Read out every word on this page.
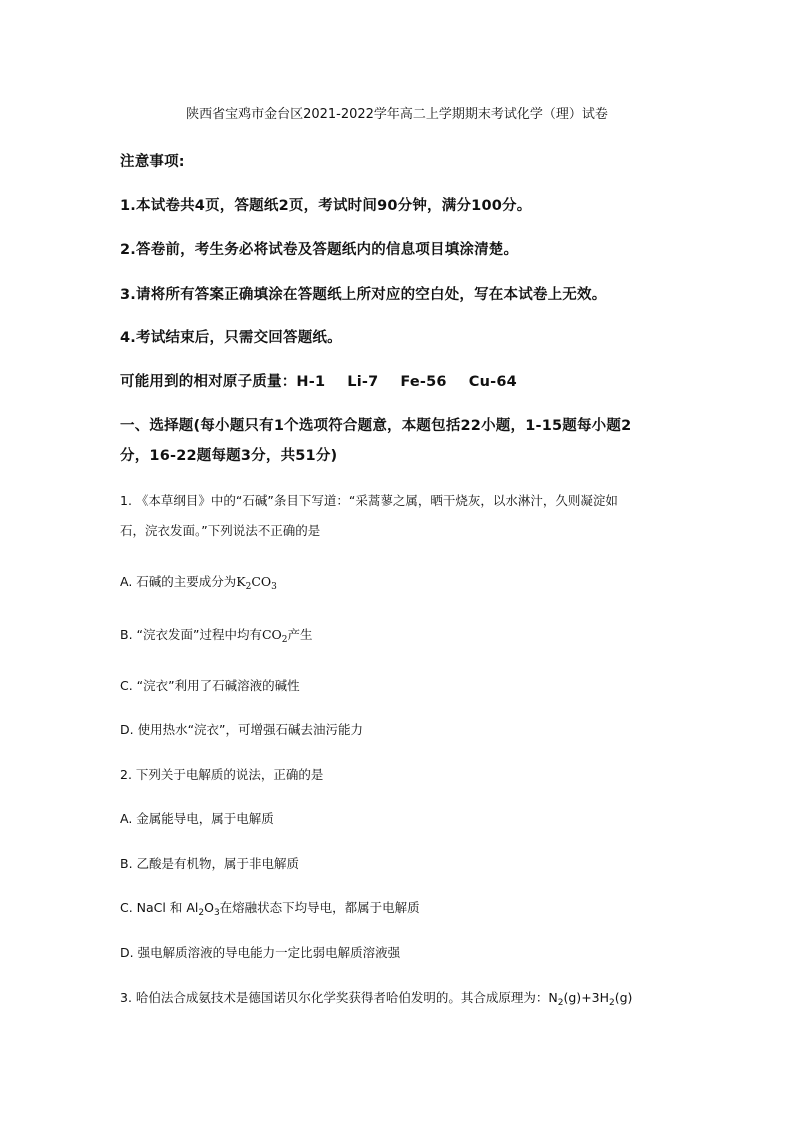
陕西省宝鸡市金台区2021-2022学年高二上学期期末考试化学（理）试卷
注意事项:
1.本试卷共4页，答题纸2页，考试时间90分钟，满分100分。
2.答卷前，考生务必将试卷及答题纸内的信息项目填涂清楚。
3.请将所有答案正确填涂在答题纸上所对应的空白处，写在本试卷上无效。
4.考试结束后，只需交回答题纸。
可能用到的相对原子质量：H-1 Li-7 Fe-56 Cu-64
一、选择题(每小题只有1个选项符合题意，本题包括22小题，1-15题每小题2
分，16-22题每题3分，共51分)
1. 《本草纲目》中的“石碱”条目下写道：“采蒿蓼之属，晒干烧灰，以水淋汁，久则凝淀如
石，浣衣发面。”下列说法不正确的是
A. 石碱的主要成分为$K_2CO_3$
B. “浣衣发面”过程中均有$CO_2$产生
C. “浣衣”利用了石碱溶液的碱性
D. 使用热水“浣衣”，可增强石碱去油污能力
2. 下列关于电解质的说法，正确的是
A. 金属能导电，属于电解质
B. 乙酸是有机物，属于非电解质
C. NaCl 和 $Al_2O_3$在熔融状态下均导电，都属于电解质
D. 强电解质溶液的导电能力一定比弱电解质溶液强
3. 哈伯法合成氨技术是德国诺贝尔化学奖获得者哈伯发明的。其合成原理为：$N_2(g)+3H_2(g)$
